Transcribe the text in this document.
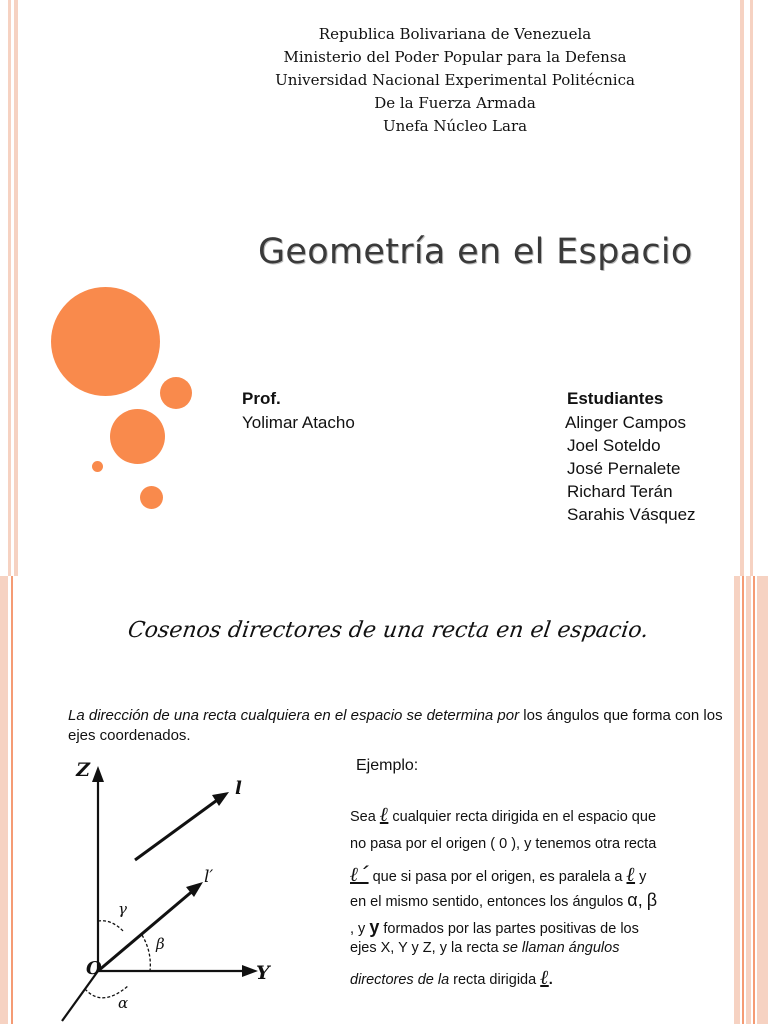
Republica Bolivariana de Venezuela
Ministerio del Poder Popular para la Defensa
Universidad Nacional Experimental Politécnica
De la Fuerza Armada
Unefa Núcleo Lara
Geometría en el Espacio
Prof.
Yolimar Atacho
Estudiantes
Alinger Campos
Joel Soteldo
José Pernalete
Richard Terán
Sarahis Vásquez
Cosenos directores de una recta en el espacio.
La dirección de una recta cualquiera en el espacio se determina por los ángulos que forma con los ejes coordenados.
Z
Y
O
l
l′
γ
β
α
Ejemplo:
Sea ℓ cualquier recta dirigida en el espacio que
no pasa por el origen ( 0 ), y tenemos otra recta
ℓ´ que si pasa por el origen, es paralela a ℓ y
en el mismo sentido, entonces los ángulos α, β
, y y formados por las partes positivas de los
ejes X, Y y Z, y la recta se llaman ángulos
directores de la recta dirigida ℓ.
